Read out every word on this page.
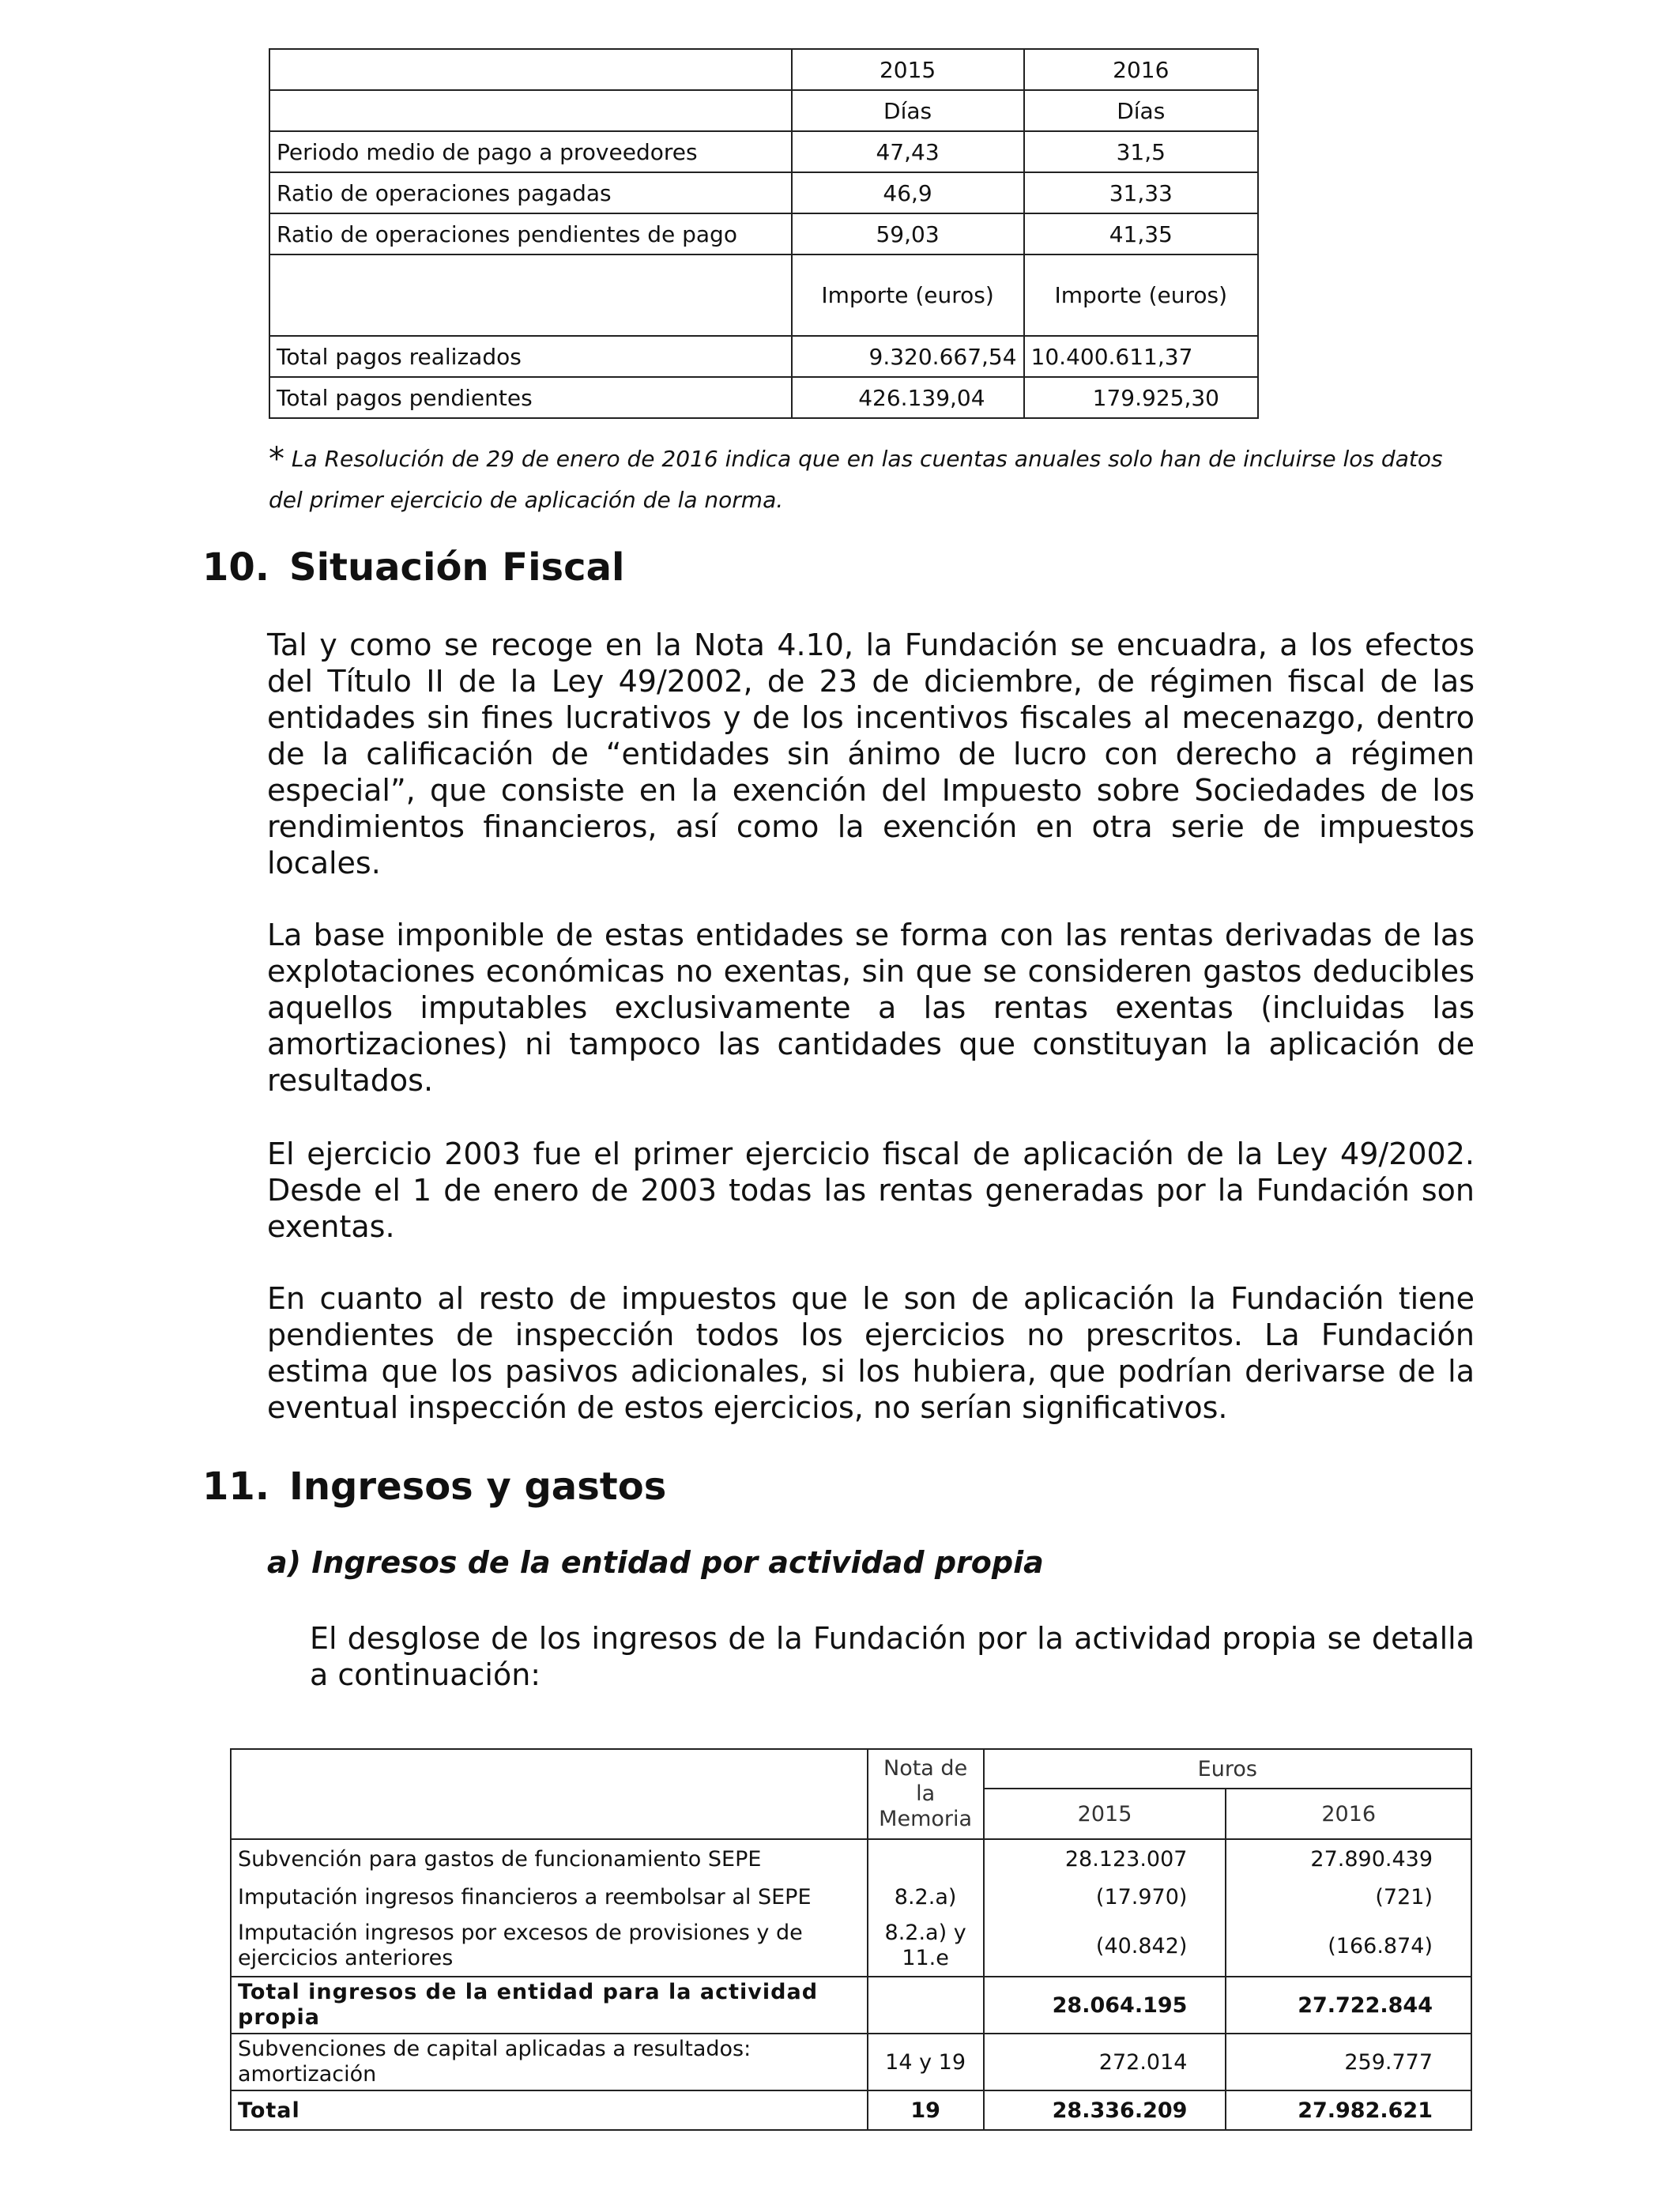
	2015	2016
	Días	Días
Periodo medio de pago a proveedores	47,43	31,5
Ratio de operaciones pagadas	46,9	31,33
Ratio de operaciones pendientes de pago	59,03	41,35
	Importe (euros)	Importe (euros)
Total pagos realizados	9.320.667,54	10.400.611,37
Total pagos pendientes	426.139,04	179.925,30
* La Resolución de 29 de enero de 2016 indica que en las cuentas anuales solo han de incluirse los datos del primer ejercicio de aplicación de la norma.
10. Situación Fiscal
Tal y como se recoge en la Nota 4.10, la Fundación se encuadra, a los efectos del Título II de la Ley 49/2002, de 23 de diciembre, de régimen fiscal de las entidades sin fines lucrativos y de los incentivos fiscales al mecenazgo, dentro de la calificación de “entidades sin ánimo de lucro con derecho a régimen especial”, que consiste en la exención del Impuesto sobre Sociedades de los rendimientos financieros, así como la exención en otra serie de impuestos locales.
La base imponible de estas entidades se forma con las rentas derivadas de las explotaciones económicas no exentas, sin que se consideren gastos deducibles aquellos imputables exclusivamente a las rentas exentas (incluidas las amortizaciones) ni tampoco las cantidades que constituyan la aplicación de resultados.
El ejercicio 2003 fue el primer ejercicio fiscal de aplicación de la Ley 49/2002. Desde el 1 de enero de 2003 todas las rentas generadas por la Fundación son exentas.
En cuanto al resto de impuestos que le son de aplicación la Fundación tiene pendientes de inspección todos los ejercicios no prescritos. La Fundación estima que los pasivos adicionales, si los hubiera, que podrían derivarse de la eventual inspección de estos ejercicios, no serían significativos.
11. Ingresos y gastos
a) Ingresos de la entidad por actividad propia
El desglose de los ingresos de la Fundación por la actividad propia se detalla a continuación:
	Nota de la Memoria	Euros	
		2015	2016
Subvención para gastos de funcionamiento SEPE		28.123.007	27.890.439
Imputación ingresos financieros a reembolsar al SEPE	8.2.a)	(17.970)	(721)
Imputación ingresos por excesos de provisiones y de ejercicios anteriores	8.2.a) y 11.e	(40.842)	(166.874)
Total ingresos de la entidad para la actividad propia		28.064.195	27.722.844
Subvenciones de capital aplicadas a resultados: amortización	14 y 19	272.014	259.777
Total	19	28.336.209	27.982.621
